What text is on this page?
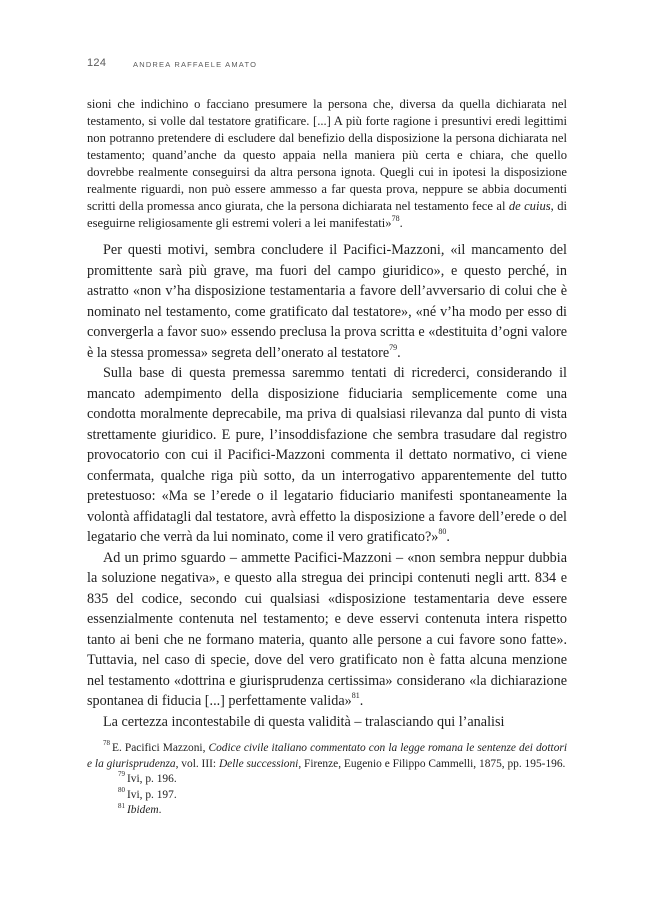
124	ANDREA RAFFAELE AMATO
sioni che indichino o facciano presumere la persona che, diversa da quella dichiarata nel testamento, si volle dal testatore gratificare. [...] A più forte ragione i presuntivi eredi legittimi non potranno pretendere di escludere dal benefizio della disposizione la persona dichiarata nel testamento; quand’anche da questo appaia nella maniera più certa e chiara, che quello dovrebbe realmente conseguirsi da altra persona ignota. Quegli cui in ipotesi la disposizione realmente riguardi, non può essere ammesso a far questa prova, neppure se abbia documenti scritti della promessa anco giurata, che la persona dichiarata nel testamento fece al de cuius, di eseguirne religiosamente gli estremi voleri a lei manifestati»$^{78}$.

Per questi motivi, sembra concludere il Pacifici-Mazzoni, «il mancamento del promittente sarà più grave, ma fuori del campo giuridico», e questo perché, in astratto «non v’ha disposizione testamentaria a favore dell’avversario di colui che è nominato nel testamento, come gratificato dal testatore», «né v’ha modo per esso di convergerla a favor suo» essendo preclusa la prova scritta e «destituita d’ogni valore è la stessa promessa» segreta dell’onerato al testatore$^{79}$.

Sulla base di questa premessa saremmo tentati di ricrederci, considerando il mancato adempimento della disposizione fiduciaria semplicemente come una condotta moralmente deprecabile, ma priva di qualsiasi rilevanza dal punto di vista strettamente giuridico. E pure, l’insoddisfazione che sembra trasudare dal registro provocatorio con cui il Pacifici-Mazzoni commenta il dettato normativo, ci viene confermata, qualche riga più sotto, da un interrogativo apparentemente del tutto pretestuoso: «Ma se l’erede o il legatario fiduciario manifesti spontaneamente la volontà affidatagli dal testatore, avrà effetto la disposizione a favore dell’erede o del legatario che verrà da lui nominato, come il vero gratificato?»$^{80}$.

Ad un primo sguardo – ammette Pacifici-Mazzoni – «non sembra neppur dubbia la soluzione negativa», e questo alla stregua dei principi contenuti negli artt. 834 e 835 del codice, secondo cui qualsiasi «disposizione testamentaria deve essere essenzialmente contenuta nel testamento; e deve esservi contenuta intera rispetto tanto ai beni che ne formano materia, quanto alle persone a cui favore sono fatte». Tuttavia, nel caso di specie, dove del vero gratificato non è fatta alcuna menzione nel testamento «dottrina e giurisprudenza certissima» considerano «la dichiarazione spontanea di fiducia [...] perfettamente valida»$^{81}$.

La certezza incontestabile di questa validità – tralasciando qui l’analisi

$^{78}$ E. Pacifici Mazzoni, Codice civile italiano commentato con la legge romana le sentenze dei dottori e la giurisprudenza, vol. III: Delle successioni, Firenze, Eugenio e Filippo Cammelli, 1875, pp. 195-196.

$^{79}$ Ivi, p. 196.

$^{80}$ Ivi, p. 197.

$^{81}$ Ibidem.
